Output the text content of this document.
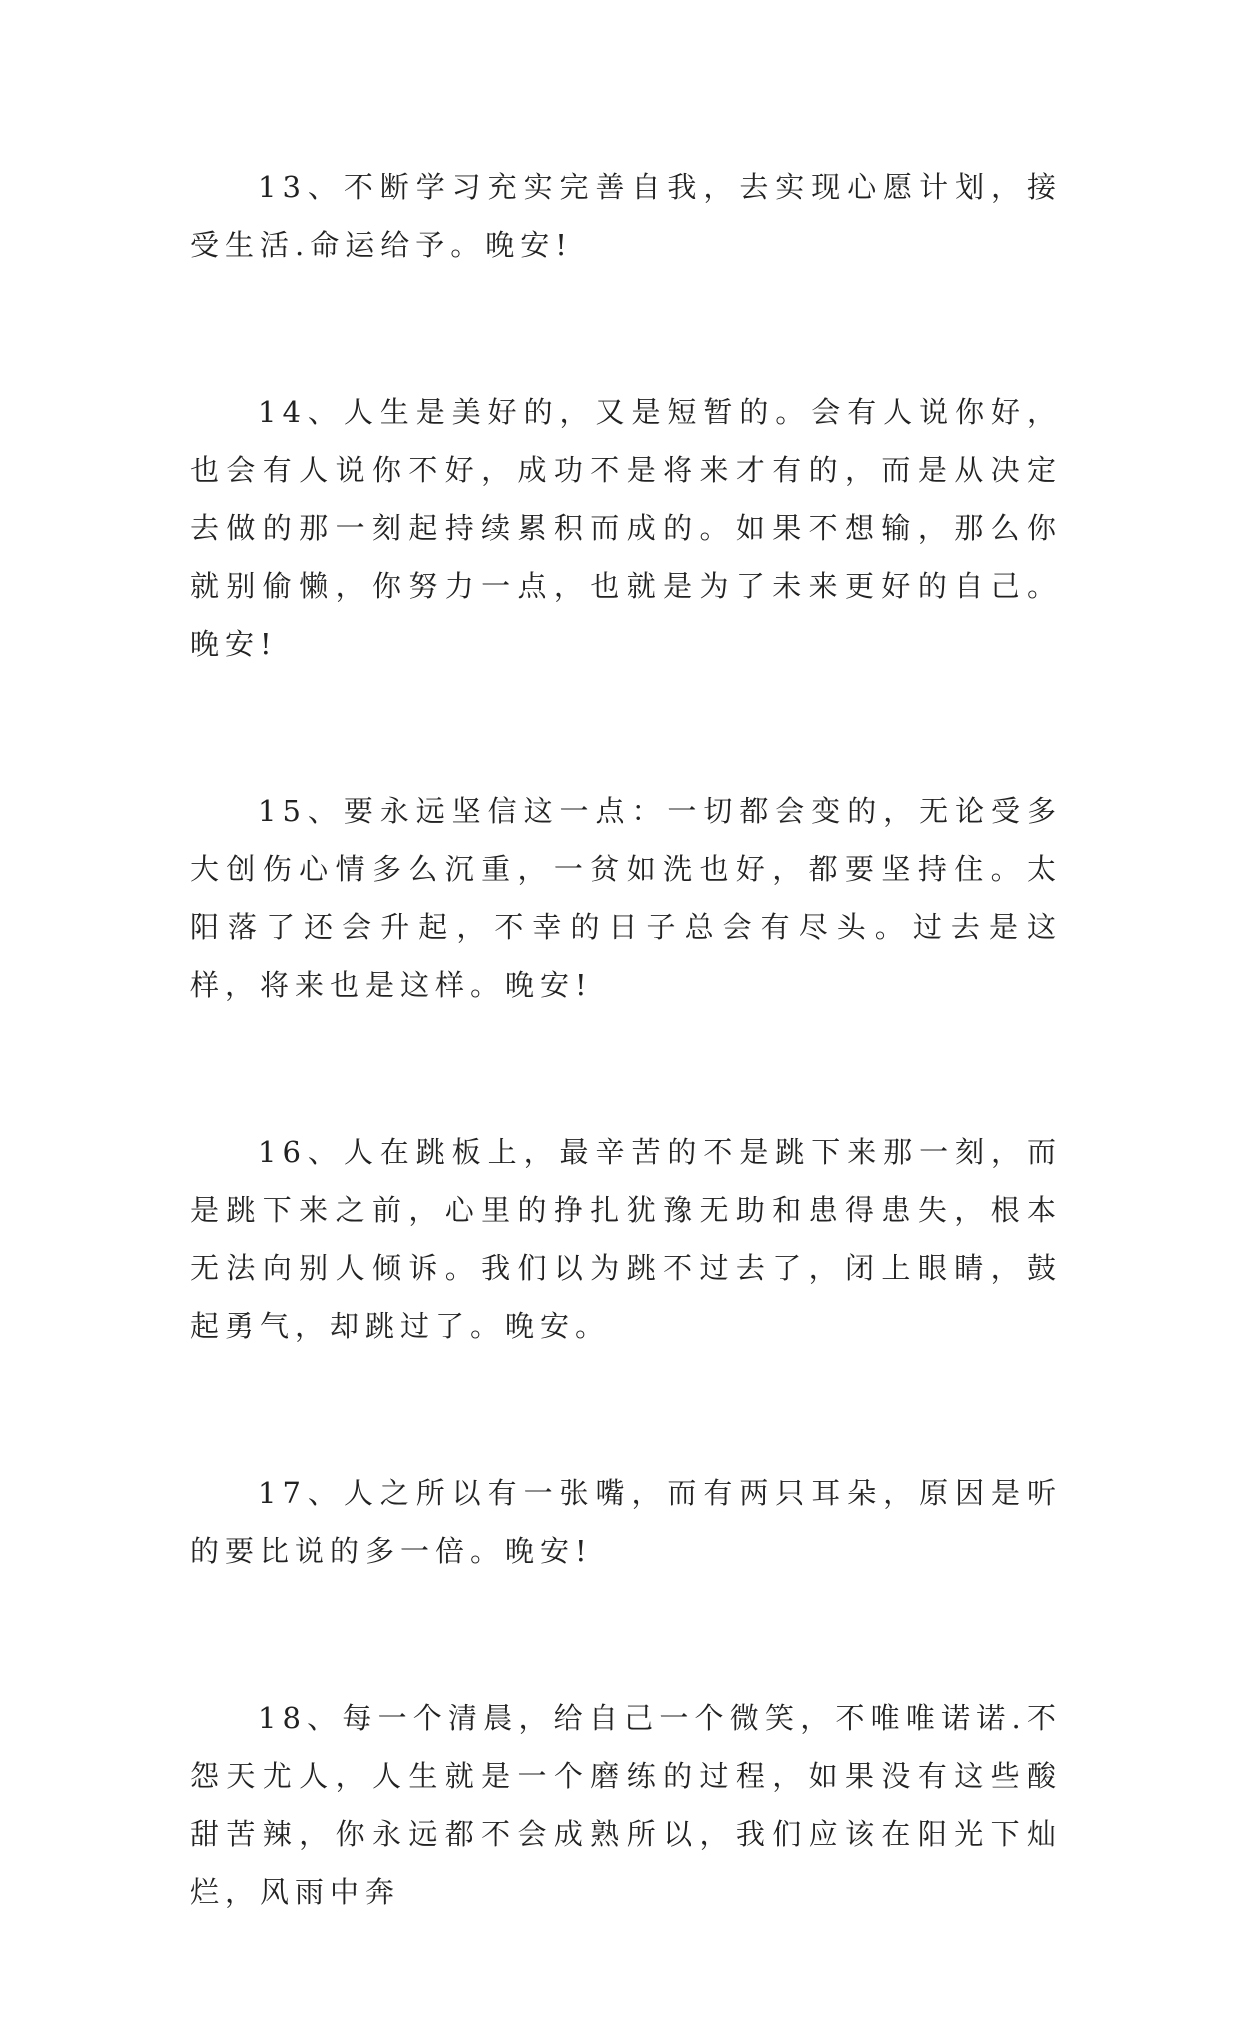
13、不断学习充实完善自我，去实现心愿计划，接受生活.命运给予。晚安!

14、人生是美好的，又是短暂的。会有人说你好，也会有人说你不好，成功不是将来才有的，而是从决定去做的那一刻起持续累积而成的。如果不想输，那么你就别偷懒，你努力一点，也就是为了未来更好的自己。晚安!

15、要永远坚信这一点：一切都会变的，无论受多大创伤心情多么沉重，一贫如洗也好，都要坚持住。太阳落了还会升起，不幸的日子总会有尽头。过去是这样，将来也是这样。晚安!

16、人在跳板上，最辛苦的不是跳下来那一刻，而是跳下来之前，心里的挣扎犹豫无助和患得患失，根本无法向别人倾诉。我们以为跳不过去了，闭上眼睛，鼓起勇气，却跳过了。晚安。

17、人之所以有一张嘴，而有两只耳朵，原因是听的要比说的多一倍。晚安!

18、每一个清晨，给自己一个微笑，不唯唯诺诺.不怨天尤人，人生就是一个磨练的过程，如果没有这些酸甜苦辣，你永远都不会成熟所以，我们应该在阳光下灿烂，风雨中奔
